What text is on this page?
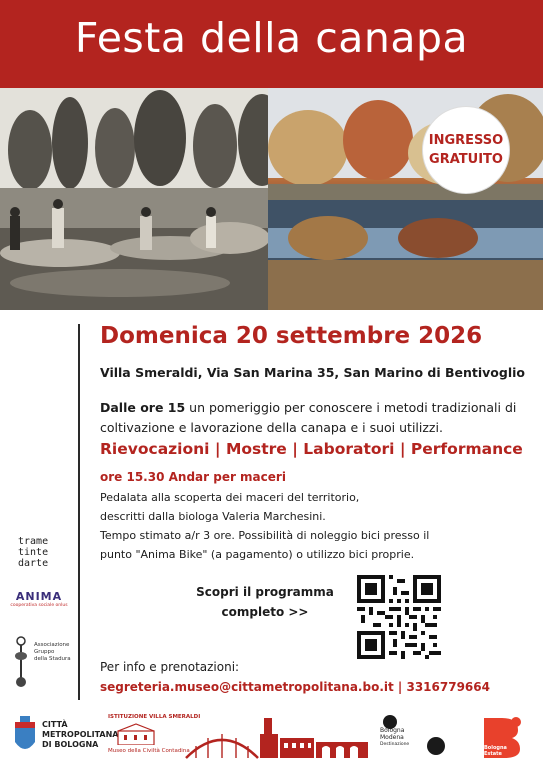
Festa della canapa
INGRESSO
GRATUITO
Domenica 20 settembre 2026
Villa Smeraldi, Via San Marina 35, San Marino di Bentivoglio
Dalle ore 15 un pomeriggio per conoscere i metodi tradizionali di coltivazione e lavorazione della canapa e i suoi utilizzi.
Rievocazioni | Mostre | Laboratori | Performance
ore 15.30 Andar per maceri
Pedalata alla scoperta dei maceri del territorio,
descritti dalla biologa Valeria Marchesini.
Tempo stimato a/r 3 ore. Possibilità di noleggio bici presso il
punto "Anima Bike" (a pagamento) o utilizzo bici proprie.
Scopri il programma
completo >>
Per info e prenotazioni:
segreteria.museo@cittametropolitana.bo.it | 3316779664
trame
tinte
darte
ANIMA
cooperativa sociale onlus
Associazione
Gruppo
della Stadura
CITTÀ
METROPOLITANA
DI BOLOGNA
ISTITUZIONE VILLA SMERALDI
Museo della Civiltà Contadina
Bologna
Modena
Destinazione
Bologna
Estate
